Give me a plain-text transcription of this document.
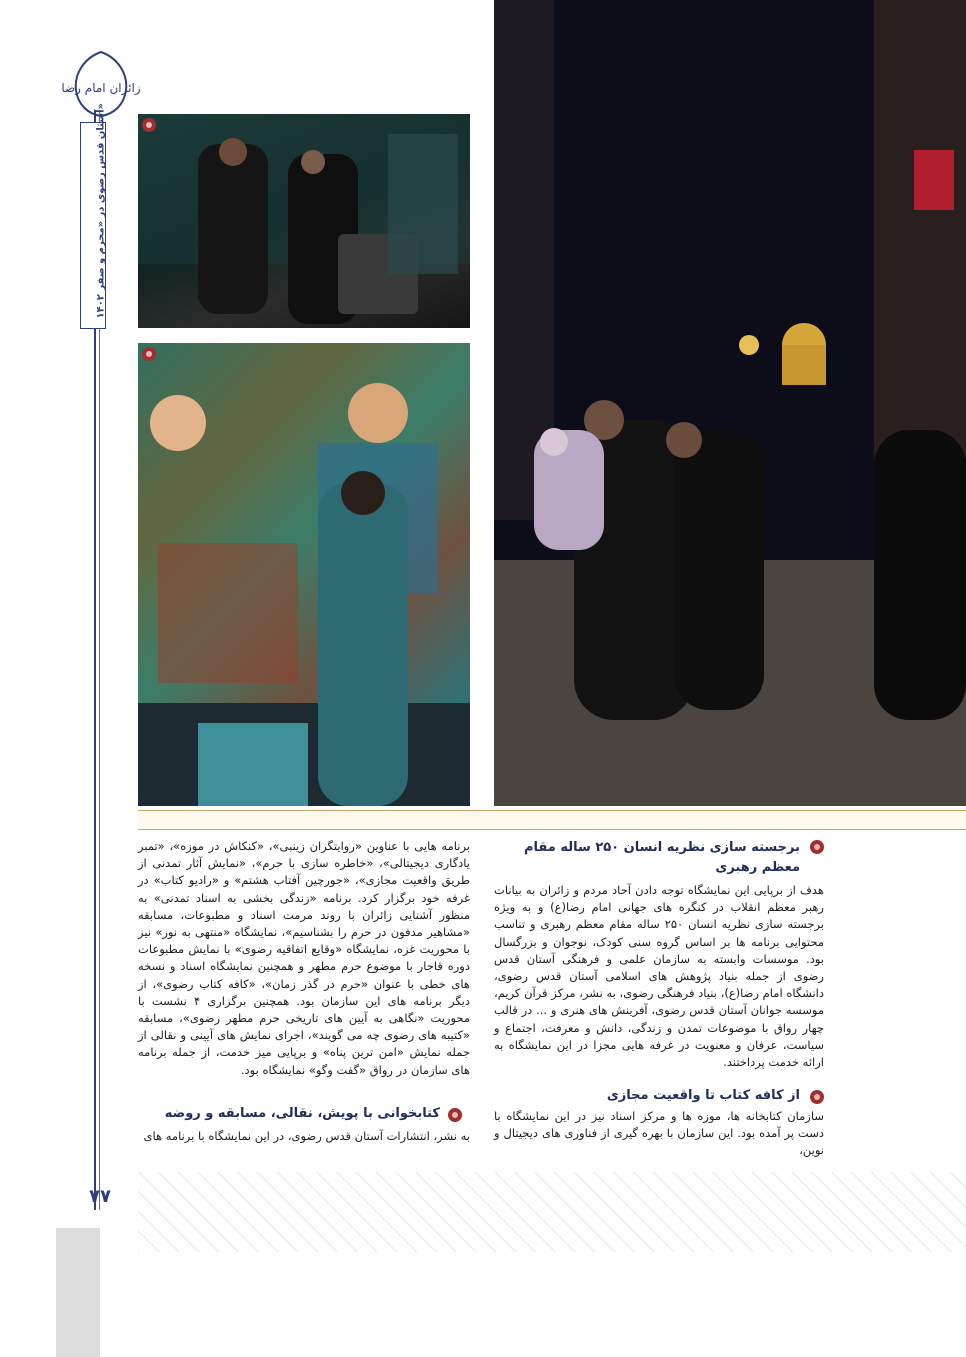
زائران امام رضا
آستان قدس رضوی در «محرم و صفر ۱۴۰۲»
۷۷
برجسته سازی نظریه انسان ۲۵۰ ساله مقام معظم رهبری
هدف از برپایی این نمایشگاه توجه دادن آحاد مردم و زائران به بیانات رهبر معظم انقلاب در کنگره های جهانی امام رضا(ع) و به ویژه برجسته سازی نظریه انسان ۲۵۰ ساله مقام معظم رهبری و تناسب محتوایی برنامه ها بر اساس گروه سنی کودک، نوجوان و بزرگسال بود. موسسات وابسته به سازمان علمی و فرهنگی آستان قدس رضوی از جمله بنیاد پژوهش های اسلامی آستان قدس رضوی، دانشگاه امام رضا(ع)، بنیاد فرهنگی رضوی، به نشر، مرکز قرآن کریم، موسسه جوانان آستان قدس رضوی، آفرینش های هنری و ... در قالب چهار رواق با موضوعات تمدن و زندگی، دانش و معرفت، اجتماع و سیاست، عرفان و معنویت در غرفه هایی مجزا در این نمایشگاه به ارائه خدمت پرداختند.
از کافه کتاب تا واقعیت مجازی
سازمان کتابخانه ها، موزه ها و مرکز اسناد نیز در این نمایشگاه با دست پر آمده بود. این سازمان با بهره گیری از فناوری های دیجیتال و نوین،
برنامه هایی با عناوین «روایتگران زینبی»، «کنکاش در موزه»، «تمبر یادگاری دیجیتالی»، «خاطره سازی با حرم»، «نمایش آثار تمدنی از طریق واقعیت مجازی»، «جورچین آفتاب هشتم» و «رادیو کتاب» در غرفه خود برگزار کرد. برنامه «زندگی بخشی به اسناد تمدنی» به منظور آشنایی زائران با روند مرمت اسناد و مطبوعات، مسابقه «مشاهیر مدفون در حرم را بشناسیم»، نمایشگاه «منتهی به نور» نیز با محوریت غزه، نمایشگاه «وقایع اتفاقیه رضوی» با نمایش مطبوعات دوره قاجار با موضوع حرم مطهر و همچنین نمایشگاه اسناد و نسخه های خطی با عنوان «حرم در گذر زمان»، «کافه کتاب رضوی»، از دیگر برنامه های این سازمان بود. همچنین برگزاری ۴ نشست با محوریت «نگاهی به آیین های تاریخی حرم مطهر رضوی»، مسابقه «کتیبه های رضوی چه می گویند»، اجرای نمایش های آیینی و نقالی از جمله نمایش «امن ترین پناه» و برپایی میز خدمت، از جمله برنامه های سازمان در رواق «گفت وگو» نمایشگاه بود.
کتابخوانی با پویش، نقالی، مسابقه و روضه
به نشر، انتشارات آستان قدس رضوی، در این نمایشگاه با برنامه های
